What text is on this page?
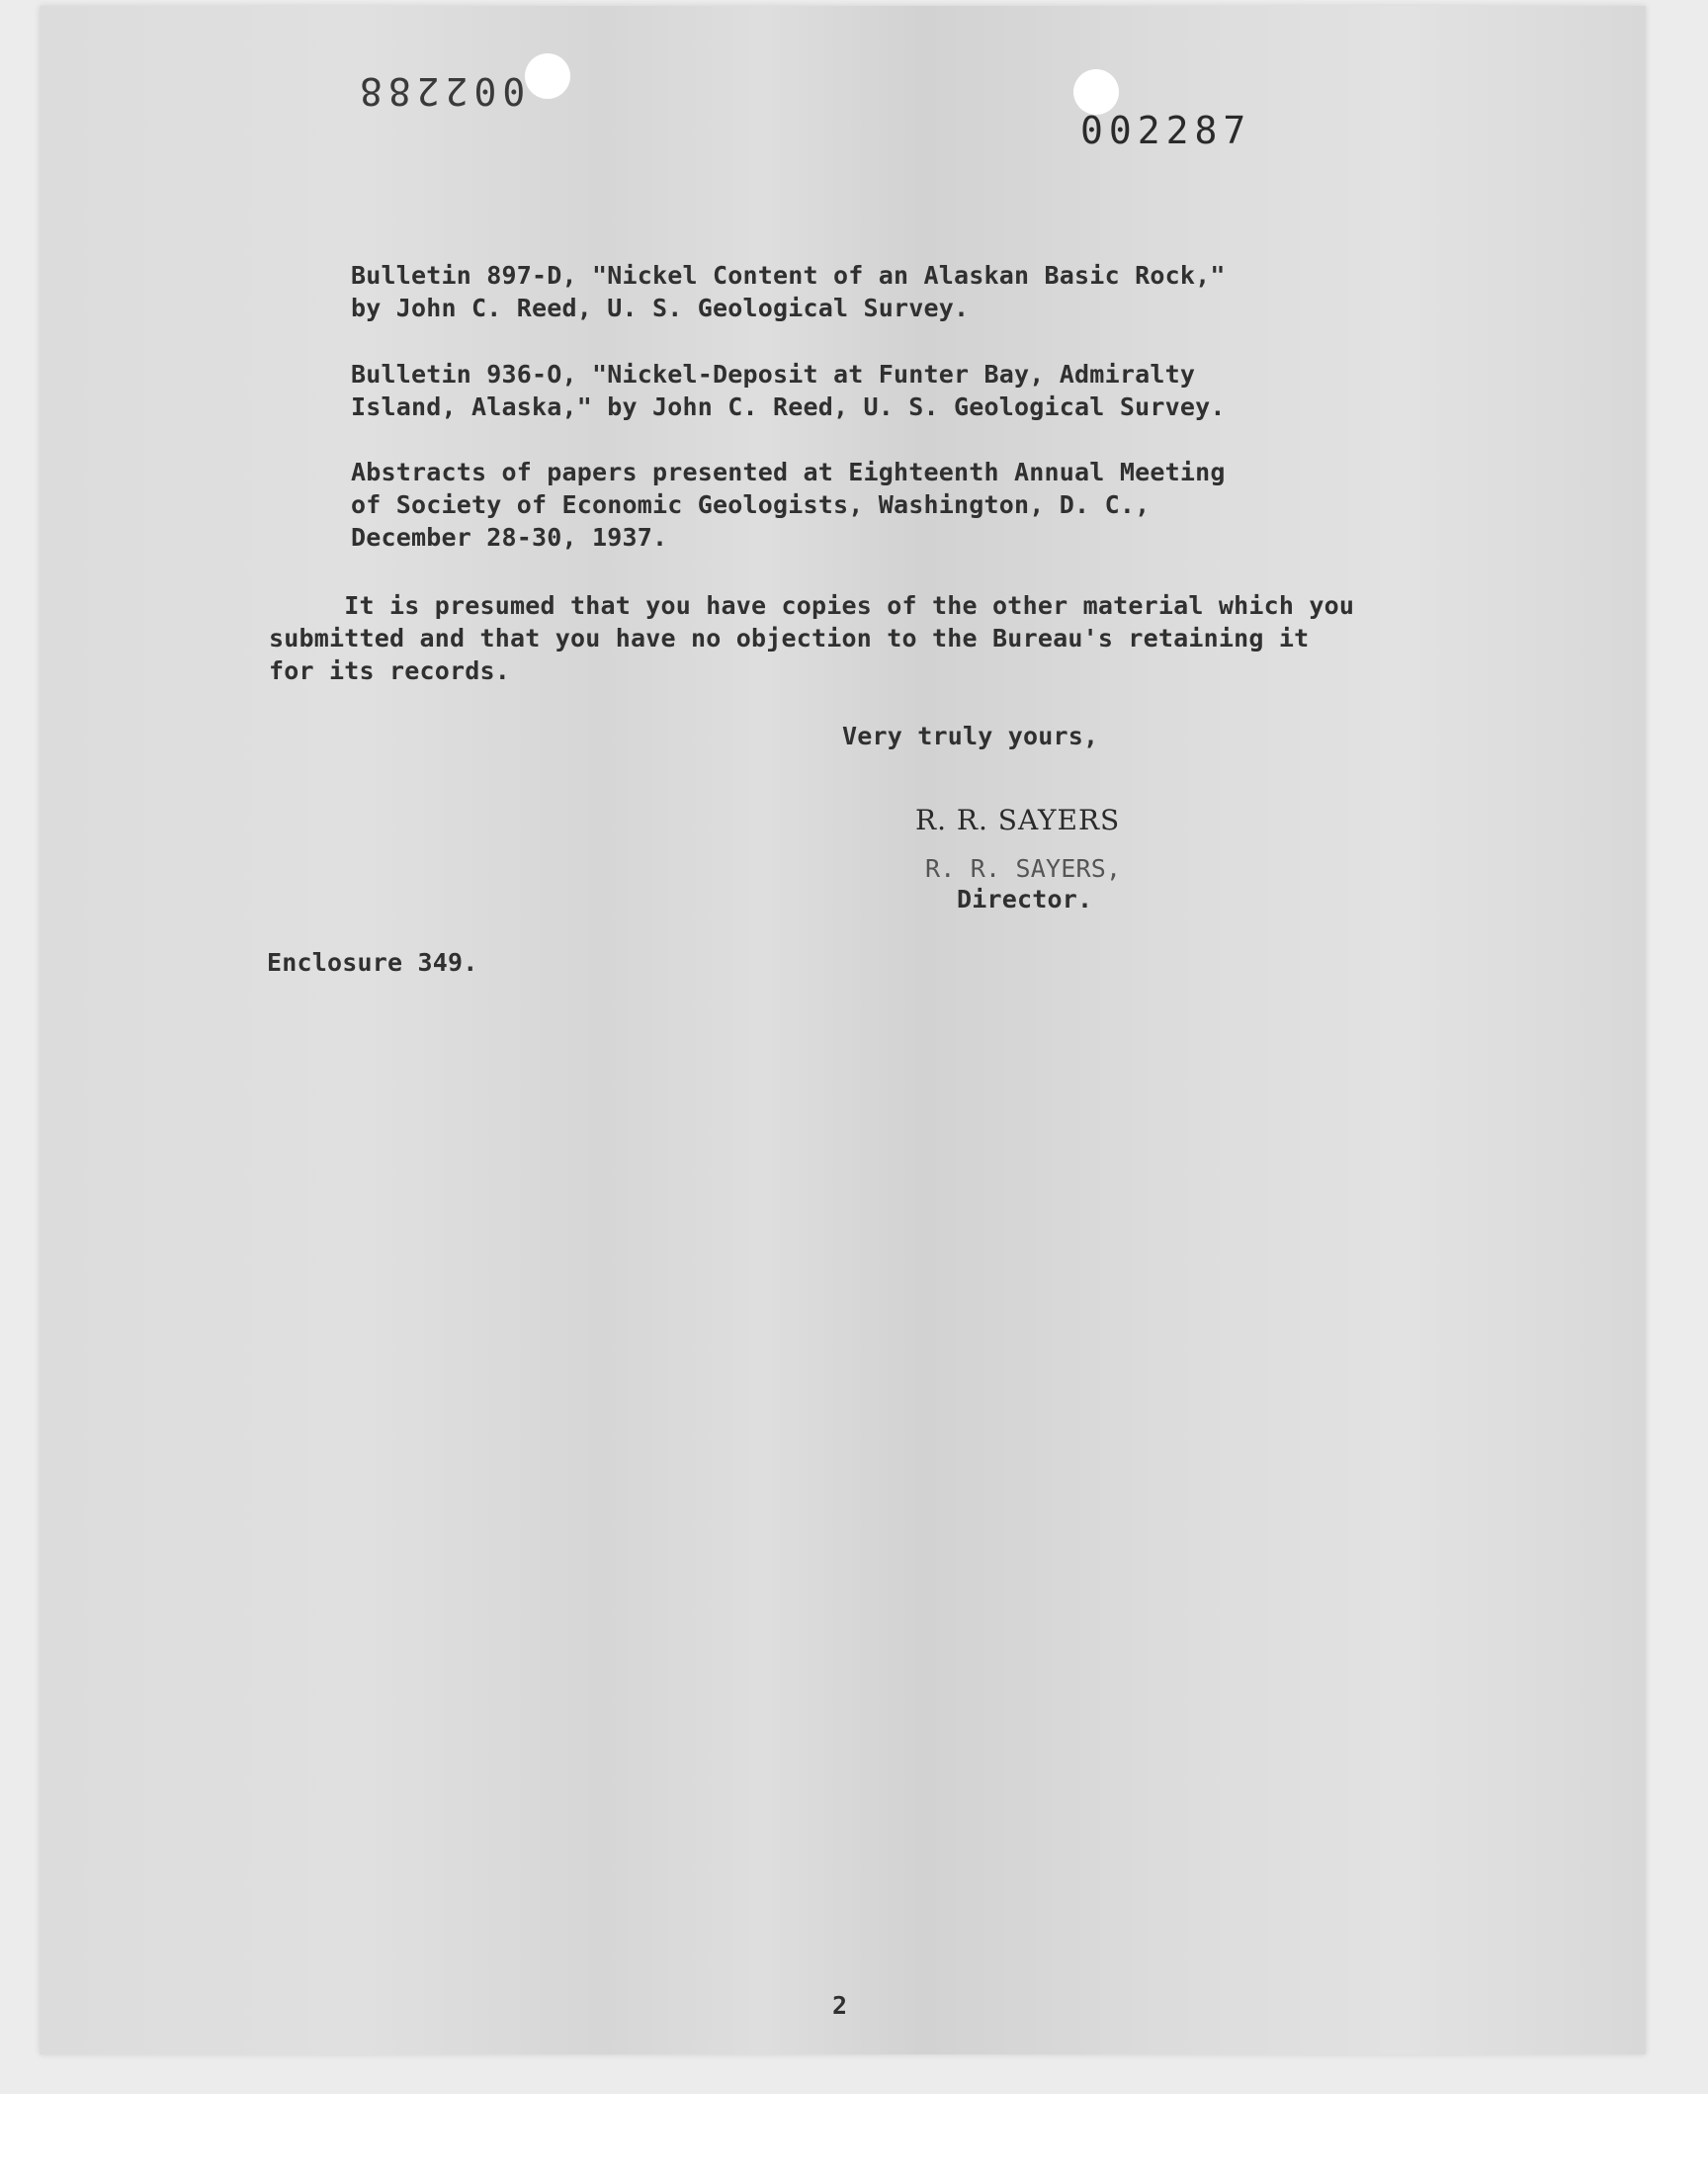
002288
002287
Bulletin 897-D, "Nickel Content of an Alaskan Basic Rock,"
by John C. Reed, U. S. Geological Survey.
Bulletin 936-O, "Nickel-Deposit at Funter Bay, Admiralty
Island, Alaska," by John C. Reed, U. S. Geological Survey.
Abstracts of papers presented at Eighteenth Annual Meeting
of Society of Economic Geologists, Washington, D. C.,
December 28-30, 1937.
It is presumed that you have copies of the other material which you
submitted and that you have no objection to the Bureau's retaining it
for its records.
Very truly yours,
R. R. SAYERS
R. R. SAYERS,
Director.
Enclosure 349.
2
